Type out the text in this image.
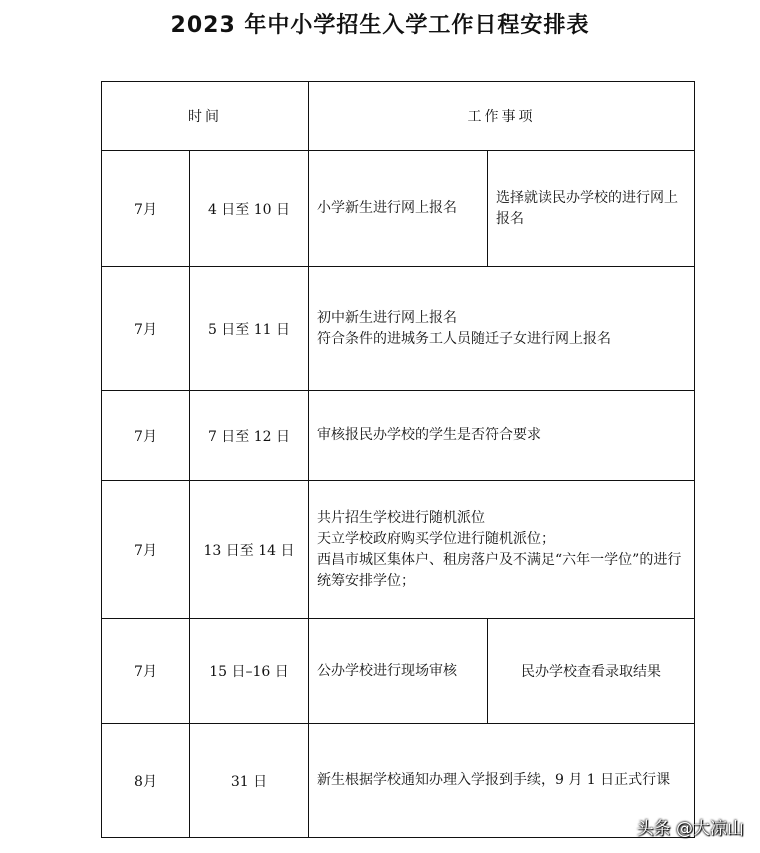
2023 年中小学招生入学工作日程安排表
时间		工作事项	
7月	4 日至 10 日	小学新生进行网上报名	选择就读民办学校的进行网上报名

7月	5 日至 11 日	初中新生进行网上报名
符合条件的进城务工人员随迁子女进行网上报名	

7月	7 日至 12 日	审核报民办学校的学生是否符合要求	

7月	13 日至 14 日	共片招生学校进行随机派位
天立学校政府购买学位进行随机派位；
西昌市城区集体户、租房落户及不满足“六年一学位”的进行统筹安排学位；	

7月	15 日–16 日	公办学校进行现场审核	民办学校查看录取结果

8月	31 日	新生根据学校通知办理入学报到手续，9 月 1 日正式行课	
头条 @大凉山
